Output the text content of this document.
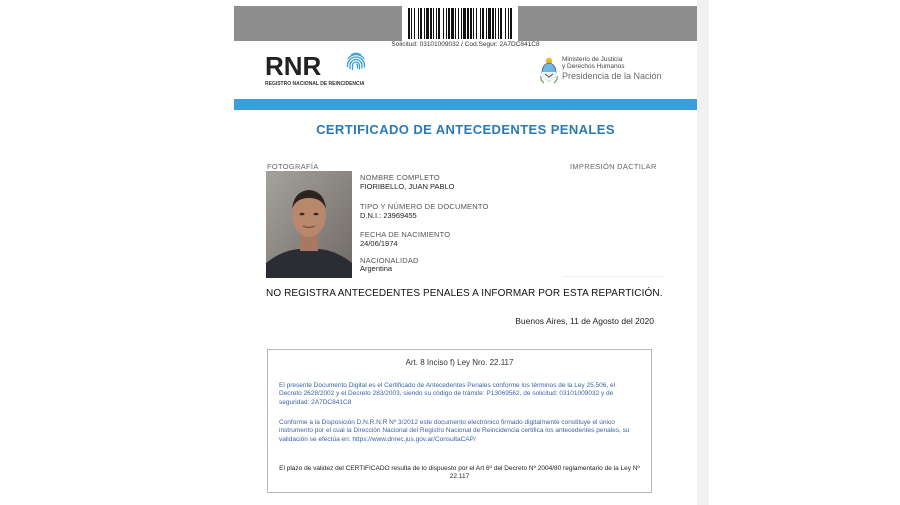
Solicitud: 03101009032 / Cod.Segur: 2A7DC841C8
RNR
REGISTRO NACIONAL DE REINCIDENCIA
Ministerio de Justicia
y Derechos Humanos
Presidencia de la Nación
CERTIFICADO DE ANTECEDENTES PENALES
FOTOGRAFÍA	IMPRESIÓN DACTILAR
NOMBRE COMPLETO
FIORIBELLO, JUAN PABLO
TIPO Y NÚMERO DE DOCUMENTO
D.N.I.: 23969455
FECHA DE NACIMIENTO
24/06/1974
NACIONALIDAD
Argentina
NO REGISTRA ANTECEDENTES PENALES A INFORMAR POR ESTA REPARTICIÓN.
Buenos Aires, 11 de Agosto del 2020
Art. 8 Inciso f) Ley Nro. 22.117
El presente Documento Digital es el Certificado de Antecedentes Penales conforme los términos de la Ley 25.506, el Decreto 2628/2002 y el Decreto 283/2003, siendo su código de trámite: P13069562, de solicitud: 03101009032 y de seguridad: 2A7DC841C8
Conforme a la Disposición D.N.R.N.R Nº 3/2012 este documento electrónico firmado digitalmente constituye el único instrumento por el cual la Dirección Nacional del Registro Nacional de Reincidencia certifica los antecedentes penales, su validación se efectúa en: https://www.dnrec.jus.gov.ar/ConsultaCAP/
El plazo de validez del CERTIFICADO resulta de lo dispuesto por el Art 6º del Decreto Nº 2004/80 reglamentario de la Ley Nº 22.117
